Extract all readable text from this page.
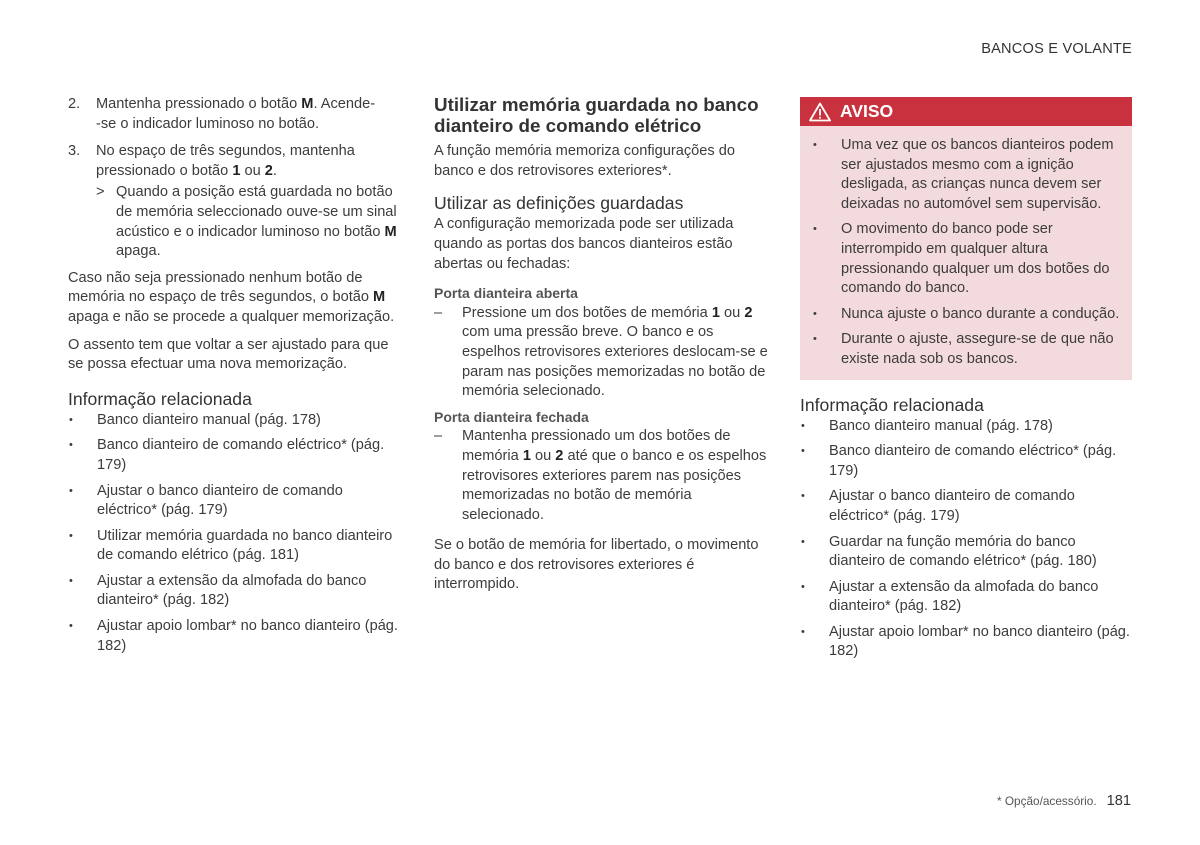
BANCOS E VOLANTE
2.	Mantenha pressionado o botão M. Acende-
-se o indicador luminoso no botão.
3.	No espaço de três segundos, mantenha pressionado o botão 1 ou 2.
> Quando a posição está guardada no botão de memória seleccionado ouve-se um sinal acústico e o indicador luminoso no botão M apaga.

Caso não seja pressionado nenhum botão de memória no espaço de três segundos, o botão M apaga e não se procede a qualquer memorização.

O assento tem que voltar a ser ajustado para que se possa efectuar uma nova memorização.

Informação relacionada
•	Banco dianteiro manual (pág. 178)
•	Banco dianteiro de comando eléctrico* (pág. 179)
•	Ajustar o banco dianteiro de comando eléctrico* (pág. 179)
•	Utilizar memória guardada no banco dianteiro de comando elétrico (pág. 181)
•	Ajustar a extensão da almofada do banco dianteiro* (pág. 182)
•	Ajustar apoio lombar* no banco dianteiro (pág. 182)
Utilizar memória guardada no banco dianteiro de comando elétrico

A função memória memoriza configurações do banco e dos retrovisores exteriores*.

Utilizar as definições guardadas

A configuração memorizada pode ser utilizada quando as portas dos bancos dianteiros estão abertas ou fechadas:

Porta dianteira aberta
–	Pressione um dos botões de memória 1 ou 2 com uma pressão breve. O banco e os espelhos retrovisores exteriores deslocam-se e param nas posições memorizadas no botão de memória selecionado.
Porta dianteira fechada
–	Mantenha pressionado um dos botões de memória 1 ou 2 até que o banco e os espelhos retrovisores exteriores parem nas posições memorizadas no botão de memória selecionado.

Se o botão de memória for libertado, o movimento do banco e dos retrovisores exteriores é interrompido.

AVISO
•	Uma vez que os bancos dianteiros podem ser ajustados mesmo com a ignição desligada, as crianças nunca devem ser deixadas no automóvel sem supervisão.
•	O movimento do banco pode ser interrompido em qualquer altura pressionando qualquer um dos botões do comando do banco.
•	Nunca ajuste o banco durante a condução.
•	Durante o ajuste, assegure-se de que não existe nada sob os bancos.
Informação relacionada
•	Banco dianteiro manual (pág. 178)
•	Banco dianteiro de comando eléctrico* (pág. 179)
•	Ajustar o banco dianteiro de comando eléctrico* (pág. 179)
•	Guardar na função memória do banco dianteiro de comando elétrico* (pág. 180)
•	Ajustar a extensão da almofada do banco dianteiro* (pág. 182)
•	Ajustar apoio lombar* no banco dianteiro (pág. 182)
* Opção/acessório. 181
